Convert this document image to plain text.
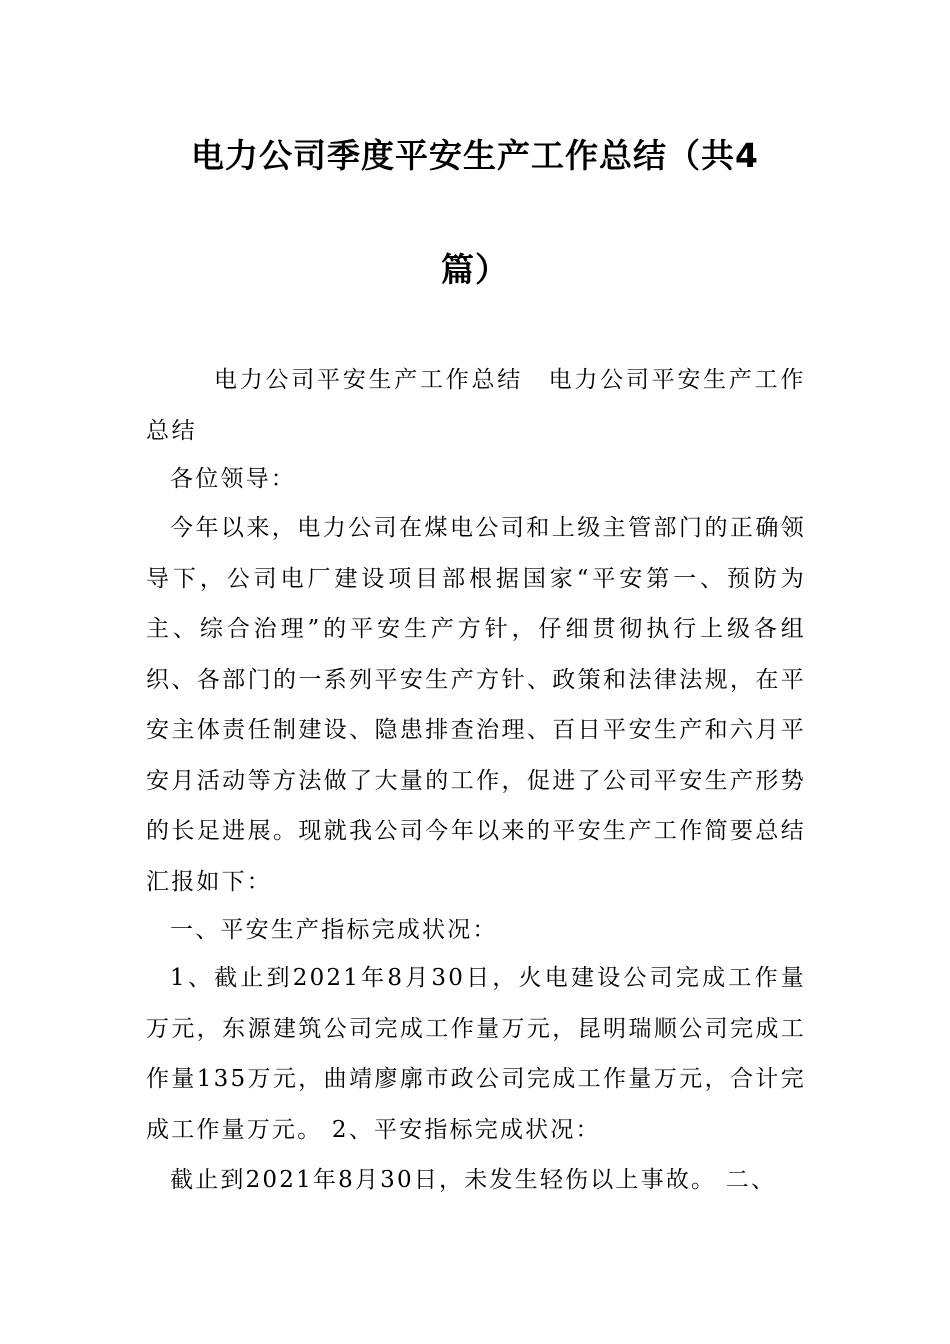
电力公司季度平安生产工作总结（共4
篇）

电力公司平安生产工作总结　电力公司平安生产工作总结

各位领导：

今年以来，电力公司在煤电公司和上级主管部门的正确领导下，公司电厂建设项目部根据国家“平安第一、预防为主、综合治理”的平安生产方针，仔细贯彻执行上级各组织、各部门的一系列平安生产方针、政策和法律法规，在平安主体责任制建设、隐患排查治理、百日平安生产和六月平安月活动等方法做了大量的工作，促进了公司平安生产形势的长足进展。现就我公司今年以来的平安生产工作简要总结汇报如下：

一、平安生产指标完成状况：

1、截止到2021年8月30日，火电建设公司完成工作量万元，东源建筑公司完成工作量万元，昆明瑞顺公司完成工作量135万元，曲靖廖廓市政公司完成工作量万元，合计完成工作量万元。 2、平安指标完成状况：

截止到2021年8月30日，未发生轻伤以上事故。 二、
